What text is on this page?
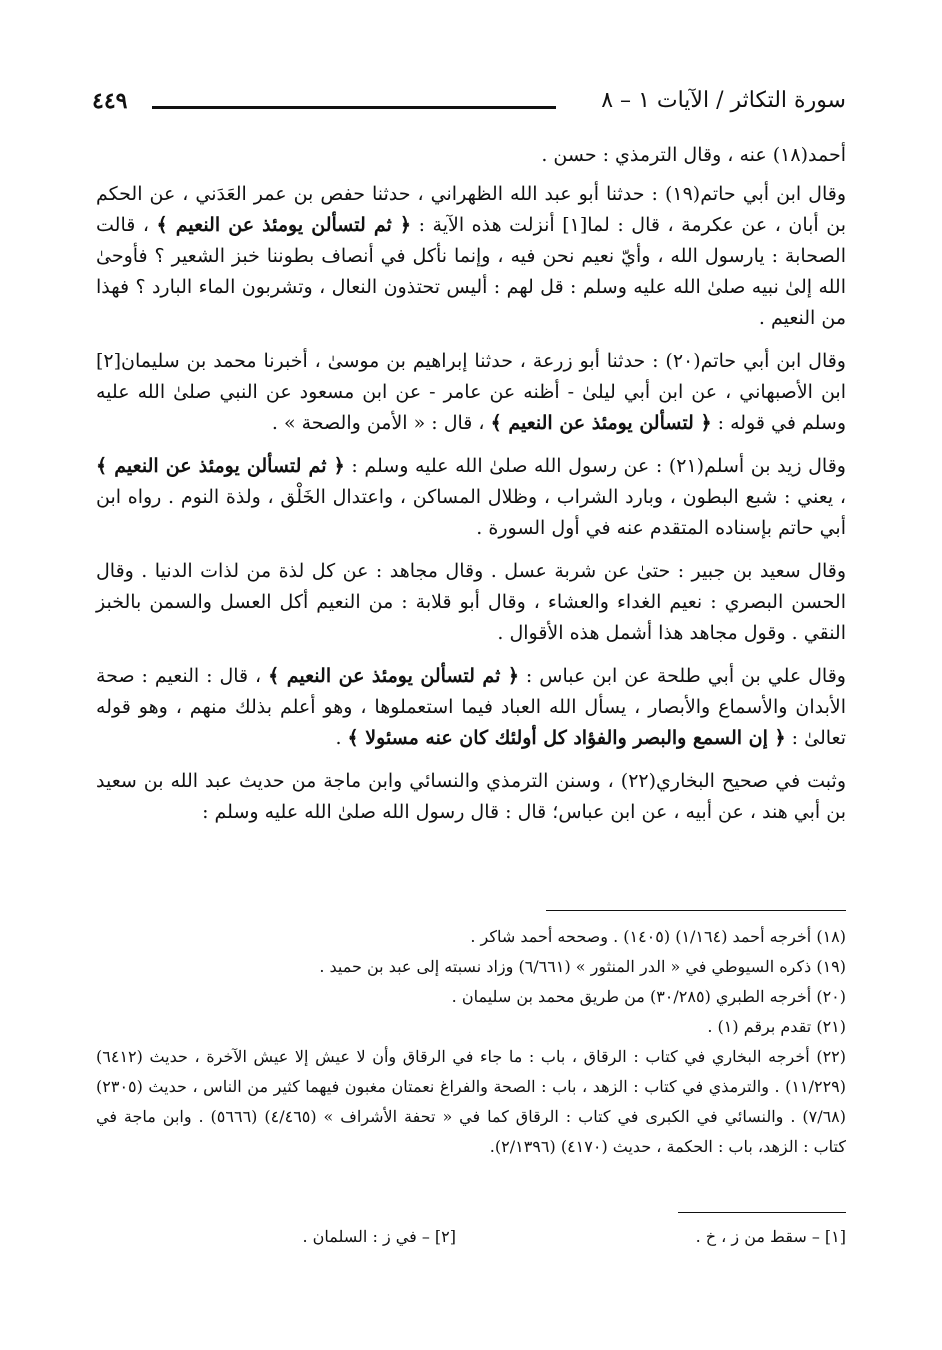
سورة التكاثر / الآيات ١ – ٨
٤٤٩

أحمد(١٨) عنه ، وقال الترمذي : حسن .

وقال ابن أبي حاتم(١٩) : حدثنا أبو عبد الله الظهراني ، حدثنا حفص بن عمر العَدَني ، عن الحكم بن أبان ، عن عكرمة ، قال : لما[١] أنزلت هذه الآية : ﴿ ثم لتسألن يومئذ عن النعيم ﴾ ، قالت الصحابة : يارسول الله ، وأيّ نعيم نحن فيه ، وإنما نأكل في أنصاف بطوننا خبز الشعير ؟ فأوحىٰ الله إلىٰ نبيه صلىٰ الله عليه وسلم : قل لهم : أليس تحتذون النعال ، وتشربون الماء البارد ؟ فهذا من النعيم .

وقال ابن أبي حاتم(٢٠) : حدثنا أبو زرعة ، حدثنا إبراهيم بن موسىٰ ، أخبرنا محمد بن سليمان[٢] ابن الأصبهاني ، عن ابن أبي ليلىٰ - أظنه عن عامر - عن ابن مسعود عن النبي صلىٰ الله عليه وسلم في قوله : ﴿ لتسألن يومئذ عن النعيم ﴾ ، قال : « الأمن والصحة » .

وقال زيد بن أسلم(٢١) : عن رسول الله صلىٰ الله عليه وسلم : ﴿ ثم لتسألن يومئذ عن النعيم ﴾ ، يعني : شبع البطون ، وبارد الشراب ، وظلال المساكن ، واعتدال الخَلْق ، ولذة النوم . رواه ابن أبي حاتم بإسناده المتقدم عنه في أول السورة .

وقال سعيد بن جبير : حتىٰ عن شربة عسل . وقال مجاهد : عن كل لذة من لذات الدنيا . وقال الحسن البصري : نعيم الغداء والعشاء ، وقال أبو قلابة : من النعيم أكل العسل والسمن بالخبز النقي . وقول مجاهد هذا أشمل هذه الأقوال .

وقال علي بن أبي طلحة عن ابن عباس : ﴿ ثم لتسألن يومئذ عن النعيم ﴾ ، قال : النعيم : صحة الأبدان والأسماع والأبصار ، يسأل الله العباد فيما استعملوها ، وهو أعلم بذلك منهم ، وهو قوله تعالىٰ : ﴿ إن السمع والبصر والفؤاد كل أولئك كان عنه مسئولا ﴾ .

وثبت في صحيح البخاري(٢٢) ، وسنن الترمذي والنسائي وابن ماجة من حديث عبد الله بن سعيد بن أبي هند ، عن أبيه ، عن ابن عباس؛ قال : قال رسول الله صلىٰ الله عليه وسلم :

(١٨) أخرجه أحمد (١/١٦٤) (١٤٠٥) . وصححه أحمد شاكر .
(١٩) ذكره السيوطي في « الدر المنثور » (٦/٦٦١) وزاد نسبته إلى عبد بن حميد .
(٢٠) أخرجه الطبري (٣٠/٢٨٥) من طريق محمد بن سليمان .
(٢١) تقدم برقم (١) .
(٢٢) أخرجه البخاري في كتاب : الرقاق ، باب : ما جاء في الرقاق وأن لا عيش إلا عيش الآخرة ، حديث (٦٤١٢) (١١/٢٢٩) . والترمذي في كتاب : الزهد ، باب : الصحة والفراغ نعمتان مغبون فيهما كثير من الناس ، حديث (٢٣٠٥) (٧/٦٨) . والنسائي في الكبرى في كتاب : الرقاق كما في « تحفة الأشراف » (٤/٤٦٥) (٥٦٦٦) . وابن ماجة في كتاب : الزهد، باب : الحكمة ، حديث (٤١٧٠) (٢/١٣٩٦).
[١] – سقط من ز ، خ .
[٢] – في ز : السلمان .
